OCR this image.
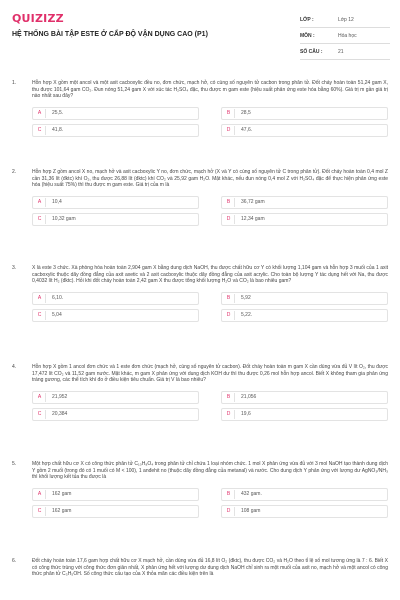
QUIZIZZ
HỆ THỐNG BÀI TẬP ESTE Ở CẤP ĐỘ VẬN DỤNG CAO (P1)
LỚP :	Lớp 12
MÔN :	Hóa học
SỐ CÂU :	21
1.	Hỗn hợp X gồm một ancol và một axit cacboxylic đều no, đơn chức, mạch hở, có cùng số nguyên tử cacbon trong phân tử. Đốt cháy hoàn toàn 51,24 gam X, thu được 101,64 gam CO₂. Đun nóng 51,24 gam X với xúc tác H₂SO₄ đặc, thu được m gam este (hiệu suất phản ứng este hóa bằng 60%). Giá trị m gần giá trị nào nhất sau đây?
A	25,5.	B	28,5
C	41,8.	D	47,6.
2.	Hỗn hợp Z gồm ancol X no, mạch hở và axit cacboxylic Y no, đơn chức, mạch hở (X và Y có cùng số nguyên tử C trong phân tử). Đốt cháy hoàn toàn 0,4 mol Z cần 31,36 lít (đktc) khí O₂, thu được 26,88 lít (đktc) khí CO₂ và 25,92 gam H₂O. Mặt khác, nếu đun nóng 0,4 mol Z với H₂SO₄ đặc để thực hiện phản ứng este hóa (hiệu suất 75%) thì thu được m gam este. Giá trị của m là
A	10,4	B	36,72 gam
C	10,32 gam	D	12,34 gam
3.	X là este 3 chức. Xà phòng hóa hoàn toàn 2,904 gam X bằng dung dịch NaOH, thu được chất hữu cơ Y có khối lượng 1,104 gam và hỗn hợp 3 muối của 1 axit cacboxylic thuộc dãy đồng đẳng của axit axetic và 2 axit cacboxylic thuộc dãy đồng đẳng của axit acrylic. Cho toàn bộ lượng Y tác dụng hết với Na, thu được 0,4032 lít H₂ (đktc). Hỏi khi đốt cháy hoàn toàn 2,42 gam X thu được tổng khối lượng H₂O và CO₂ là bao nhiêu gam?
A	6,10.	B	5,92
C	5,04	D	5,22.
4.	Hỗn hợp X gồm 1 ancol đơn chức và 1 este đơn chức (mạch hở, cùng số nguyên tử cacbon). Đốt cháy hoàn toàn m gam X cần dùng vừa đủ V lít O₂, thu được 17,472 lít CO₂ và 11,52 gam nước. Mặt khác, m gam X phản ứng với dung dịch KOH dư thì thu được 0,26 mol hỗn hợp ancol. Biết X không tham gia phản ứng tráng gương, các thể tích khí đo ở điều kiện tiêu chuẩn. Giá trị V là bao nhiêu?
A	21,952	B	21,056
C	20,384	D	19,6
5.	Một hợp chất hữu cơ X có công thức phân tử C₁₀H₈O₄ trong phân tử chỉ chứa 1 loại nhóm chức. 1 mol X phản ứng vừa đủ với 3 mol NaOH tạo thành dung dịch Y gồm 2 muối (trong đó có 1 muối có M < 100), 1 anđehit no (thuộc dãy đồng đẳng của metanal) và nước. Cho dung dịch Y phản ứng với lượng dư AgNO₃/NH₃ thì khối lượng kết tủa thu được là
A	162 gam	B	432 gam.
C	162 gam	D	108 gam
6.	Đốt cháy hoàn toàn 17,6 gam hợp chất hữu cơ X mạch hở, cần dùng vừa đủ 16,8 lít O₂ (đktc), thu được CO₂ và H₂O theo tỉ lệ số mol tương ứng là 7 : 6. Biết X có công thức trùng với công thức đơn giản nhất, X phản ứng hết với lượng dư dung dịch NaOH chỉ sinh ra một muối của axit no, mạch hở và một ancol có công thức phân tử C₃H₅OH. Số công thức cấu tạo của X thỏa mãn các điều kiện trên là
